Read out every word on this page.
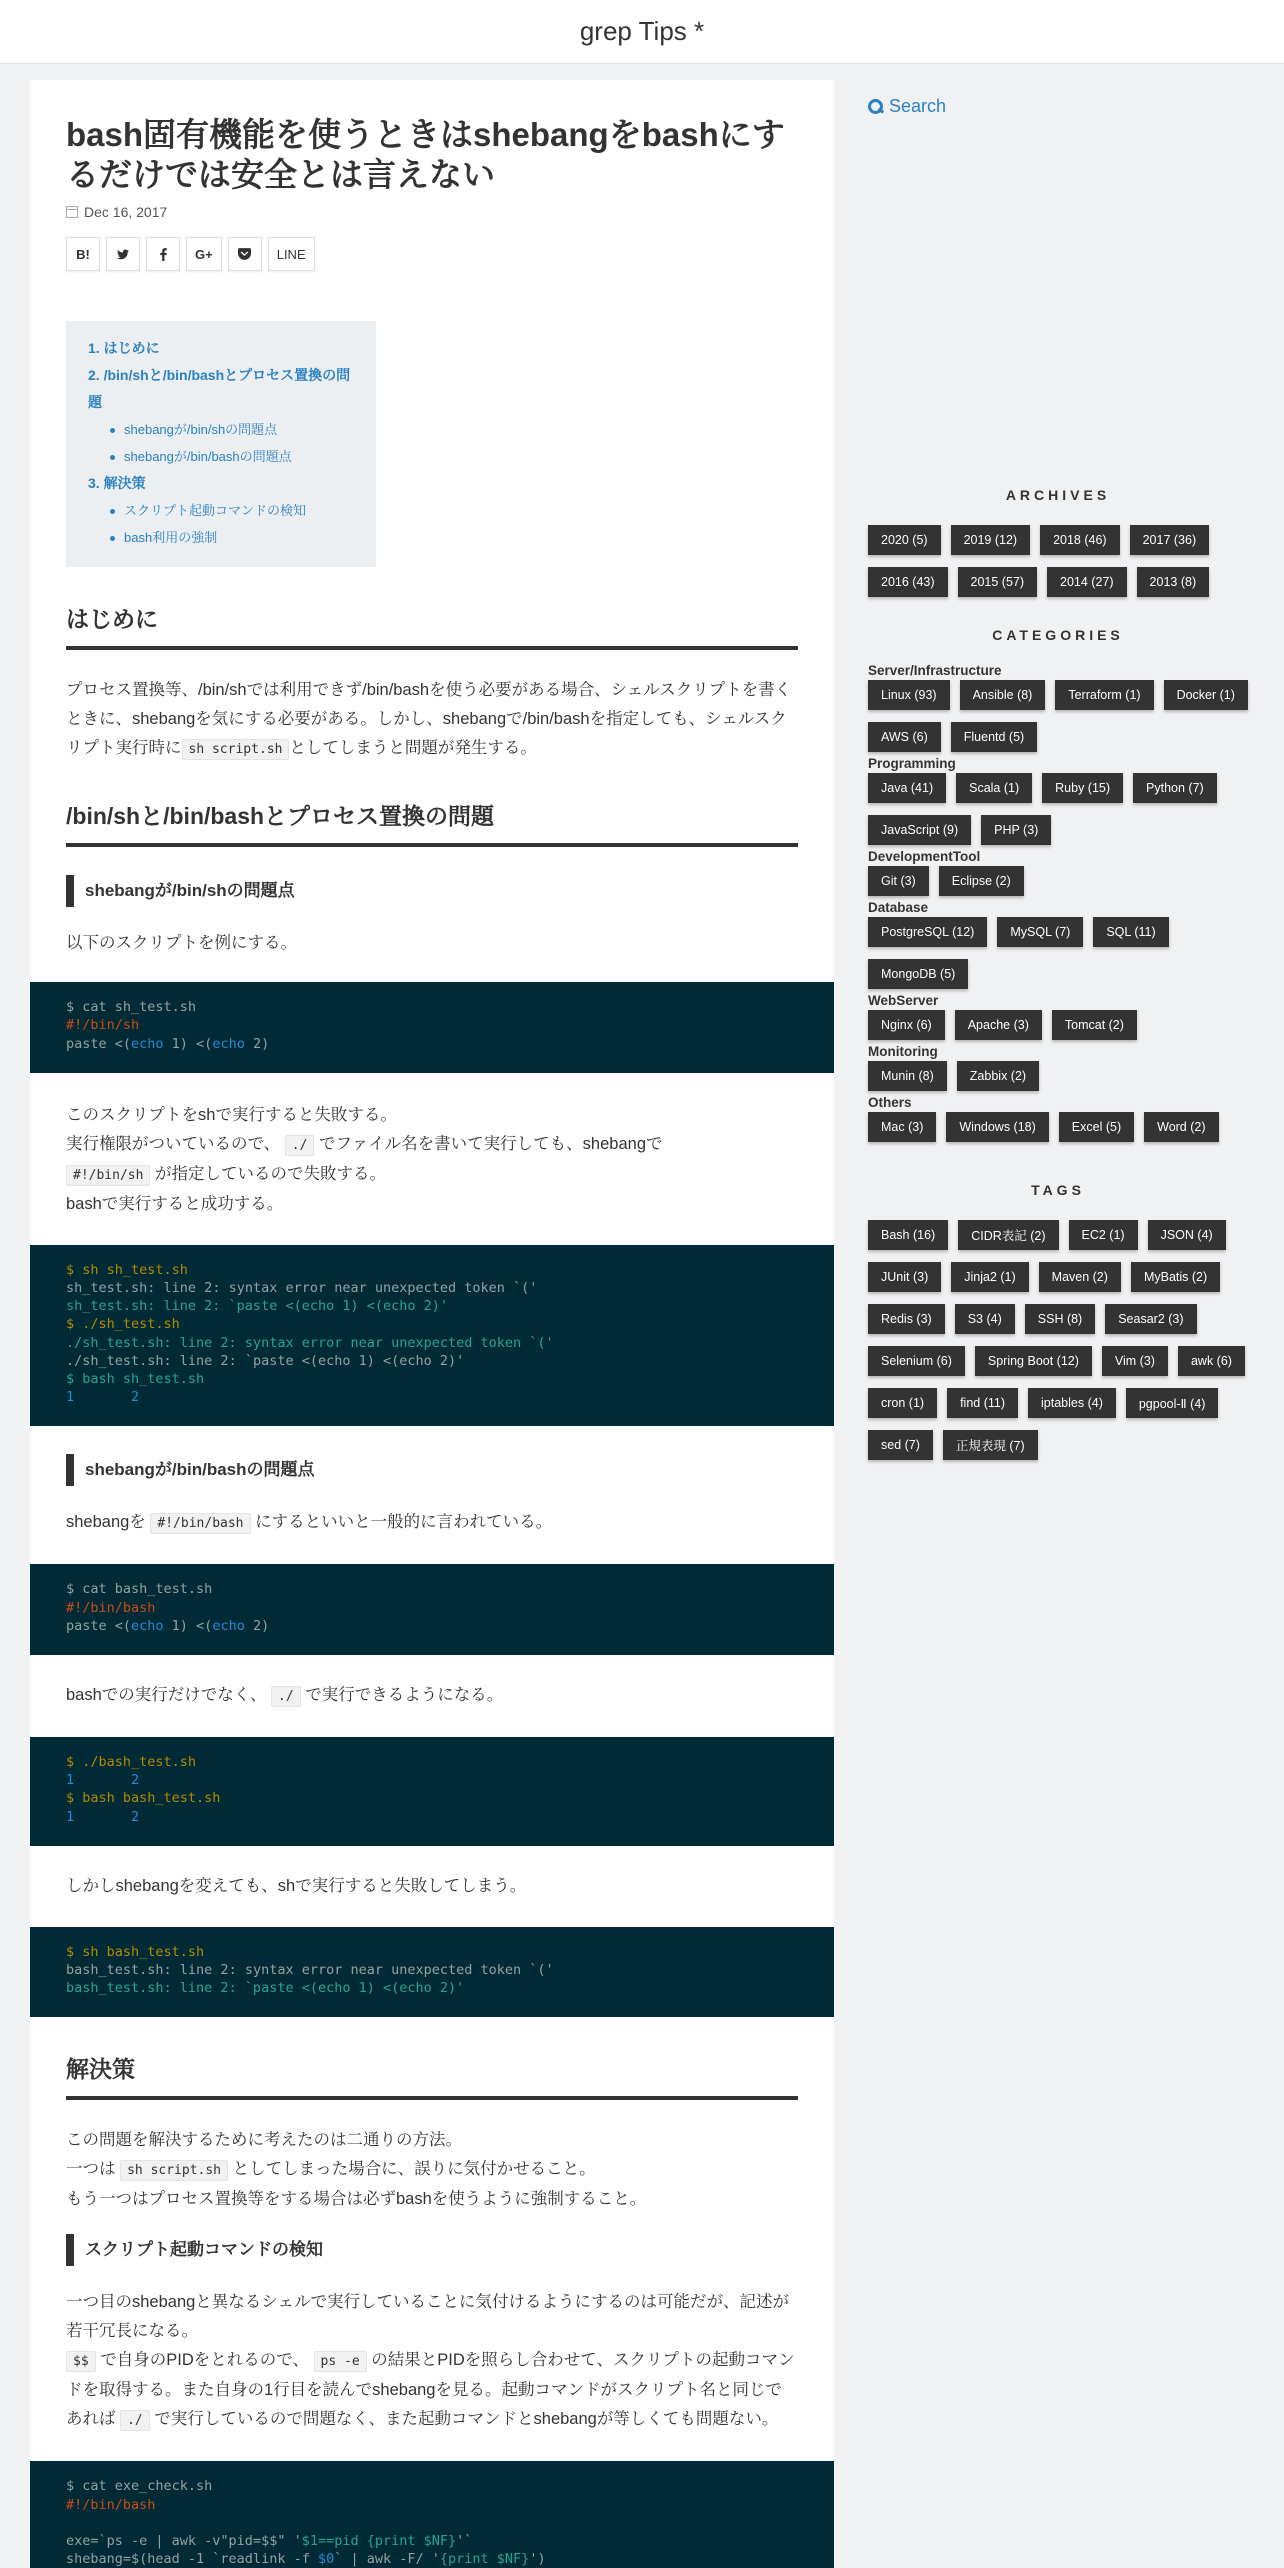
grep Tips *
bash固有機能を使うときはshebangをbashにするだけでは安全とは言えない
Dec 16, 2017
B!	G+	LINE
1. はじめに
2. /bin/shと/bin/bashとプロセス置換の問題
shebangが/bin/shの問題点
shebangが/bin/bashの問題点
3. 解決策
スクリプト起動コマンドの検知
bash利用の強制
はじめに

プロセス置換等、/bin/shでは利用できず/bin/bashを使う必要がある場合、シェルスクリプトを書くときに、shebangを気にする必要がある。しかし、shebangで/bin/bashを指定しても、シェルスクリプト実行時に sh script.sh としてしまうと問題が発生する。

/bin/shと/bin/bashとプロセス置換の問題
shebangが/bin/shの問題点

以下のスクリプトを例にする。

$ cat sh_test.sh
#!/bin/sh
paste <(echo 1) <(echo 2)

このスクリプトをshで実行すると失敗する。

実行権限がついているので、 ./ でファイル名を書いて実行しても、shebangで

#!/bin/sh が指定しているので失敗する。

bashで実行すると成功する。

$ sh sh_test.sh
sh_test.sh: line 2: syntax error near unexpected token `('
sh_test.sh: line 2: `paste <(echo 1) <(echo 2)'
$ ./sh_test.sh
./sh_test.sh: line 2: syntax error near unexpected token `('
./sh_test.sh: line 2: `paste <(echo 1) <(echo 2)'
$ bash sh_test.sh
1       2
shebangが/bin/bashの問題点

shebangを #!/bin/bash にするといいと一般的に言われている。

$ cat bash_test.sh
#!/bin/bash
paste <(echo 1) <(echo 2)

bashでの実行だけでなく、 ./ で実行できるようになる。

$ ./bash_test.sh
1       2
$ bash bash_test.sh
1       2

しかしshebangを変えても、shで実行すると失敗してしまう。

$ sh bash_test.sh
bash_test.sh: line 2: syntax error near unexpected token `('
bash_test.sh: line 2: `paste <(echo 1) <(echo 2)'
解決策

この問題を解決するために考えたのは二通りの方法。

一つは sh script.sh としてしまった場合に、誤りに気付かせること。

もう一つはプロセス置換等をする場合は必ずbashを使うように強制すること。

スクリプト起動コマンドの検知

一つ目のshebangと異なるシェルで実行していることに気付けるようにするのは可能だが、記述が若干冗長になる。

$$ で自身のPIDをとれるので、 ps -e の結果とPIDを照らし合わせて、スクリプトの起動コマンドを取得する。また自身の1行目を読んでshebangを見る。起動コマンドがスクリプト名と同じであれば ./ で実行しているので問題なく、また起動コマンドとshebangが等しくても問題ない。

$ cat exe_check.sh
#!/bin/bash

exe=`ps -e | awk -v"pid=$$" '$1==pid {print $NF}'`
shebang=$(head -1 `readlink -f $0` | awk -F/ '{print $NF}')
Search
ARCHIVES
2020 (5)	2019 (12)	2018 (46)	2017 (36)
2016 (43)	2015 (57)	2014 (27)	2013 (8)
CATEGORIES
Server/Infrastructure
Linux (93)	Ansible (8)	Terraform (1)	Docker (1)
AWS (6)	Fluentd (5)
Programming
Java (41)	Scala (1)	Ruby (15)	Python (7)
JavaScript (9)	PHP (3)
DevelopmentTool
Git (3)	Eclipse (2)
Database
PostgreSQL (12)	MySQL (7)	SQL (11)
MongoDB (5)
WebServer
Nginx (6)	Apache (3)	Tomcat (2)
Monitoring
Munin (8)	Zabbix (2)
Others
Mac (3)	Windows (18)	Excel (5)	Word (2)
TAGS
Bash (16)	CIDR表記 (2)	EC2 (1)	JSON (4)
JUnit (3)	Jinja2 (1)	Maven (2)	MyBatis (2)
Redis (3)	S3 (4)	SSH (8)	Seasar2 (3)
Selenium (6)	Spring Boot (12)	Vim (3)	awk (6)
cron (1)	find (11)	iptables (4)	pgpool-Ⅱ (4)
sed (7)	正規表現 (7)
